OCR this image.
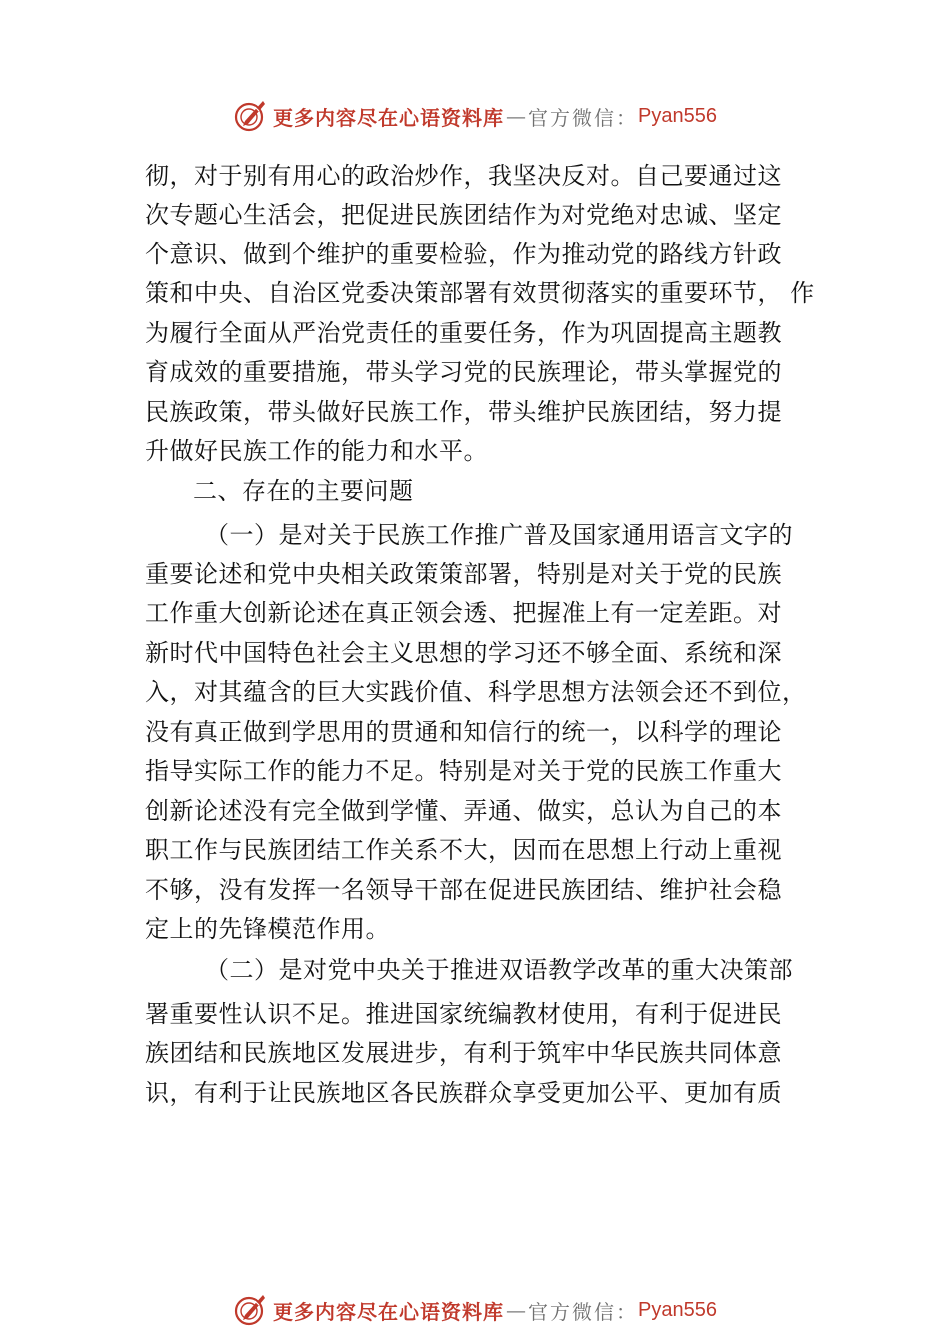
更多内容尽在心语资料库 — 官方微信： Pyan556
彻，对于别有用心的政治炒作，我坚决反对。自己要通过这
次专题心生活会，把促进民族团结作为对党绝对忠诚、坚定
个意识、做到个维护的重要检验，作为推动党的路线方针政
策和中央、自治区党委决策部署有效贯彻落实的重要环节， 作
为履行全面从严治党责任的重要任务，作为巩固提高主题教
育成效的重要措施，带头学习党的民族理论，带头掌握党的
民族政策，带头做好民族工作，带头维护民族团结，努力提
升做好民族工作的能力和水平。
二、存在的主要问题
（一）是对关于民族工作推广普及国家通用语言文字的
重要论述和党中央相关政策策部署，特别是对关于党的民族
工作重大创新论述在真正领会透、把握准上有一定差距。对
新时代中国特色社会主义思想的学习还不够全面、系统和深
入，对其蕴含的巨大实践价值、科学思想方法领会还不到位，
没有真正做到学思用的贯通和知信行的统一，以科学的理论
指导实际工作的能力不足。特别是对关于党的民族工作重大
创新论述没有完全做到学懂、弄通、做实，总认为自己的本
职工作与民族团结工作关系不大，因而在思想上行动上重视
不够，没有发挥一名领导干部在促进民族团结、维护社会稳
定上的先锋模范作用。
（二）是对党中央关于推进双语教学改革的重大决策部
署重要性认识不足。推进国家统编教材使用，有利于促进民
族团结和民族地区发展进步，有利于筑牢中华民族共同体意
识，有利于让民族地区各民族群众享受更加公平、更加有质
更多内容尽在心语资料库 — 官方微信： Pyan556
